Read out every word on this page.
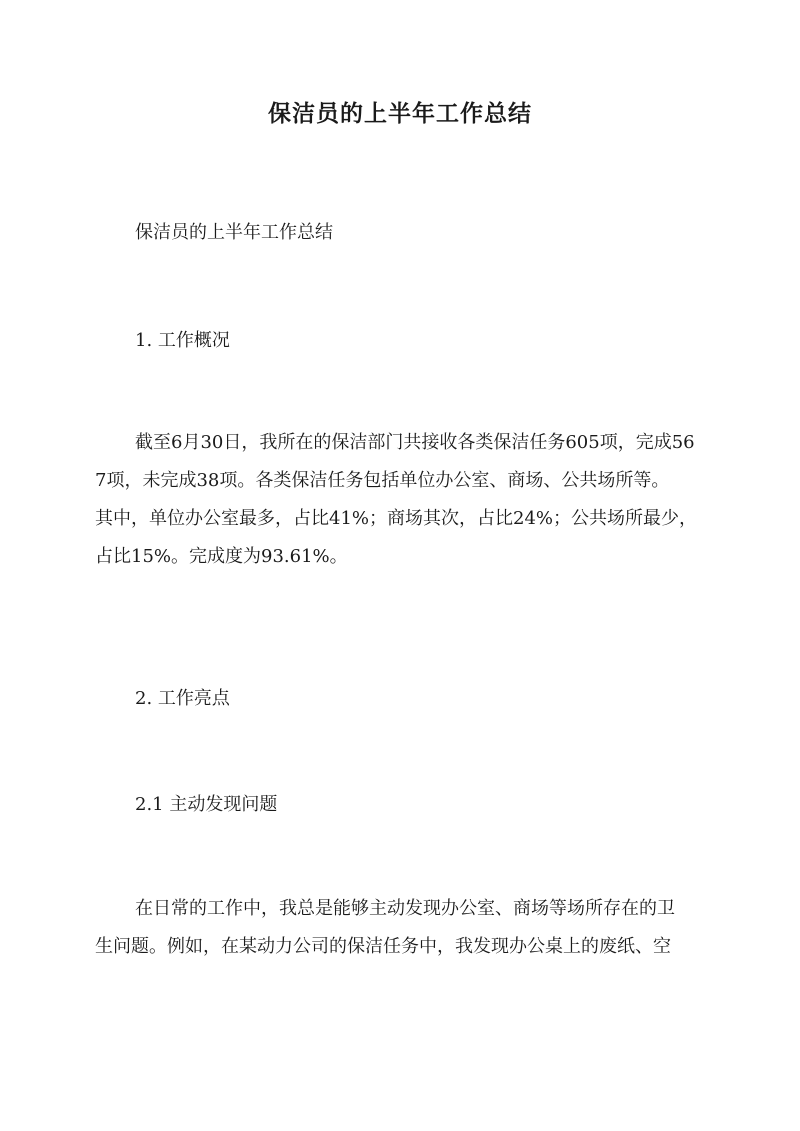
保洁员的上半年工作总结
保洁员的上半年工作总结
1. 工作概况
截至6月30日，我所在的保洁部门共接收各类保洁任务605项，完成56
7项，未完成38项。各类保洁任务包括单位办公室、商场、公共场所等。
其中，单位办公室最多，占比41%；商场其次，占比24%；公共场所最少，
占比15%。完成度为93.61%。
2. 工作亮点
2.1 主动发现问题
在日常的工作中，我总是能够主动发现办公室、商场等场所存在的卫
生问题。例如，在某动力公司的保洁任务中，我发现办公桌上的废纸、空
